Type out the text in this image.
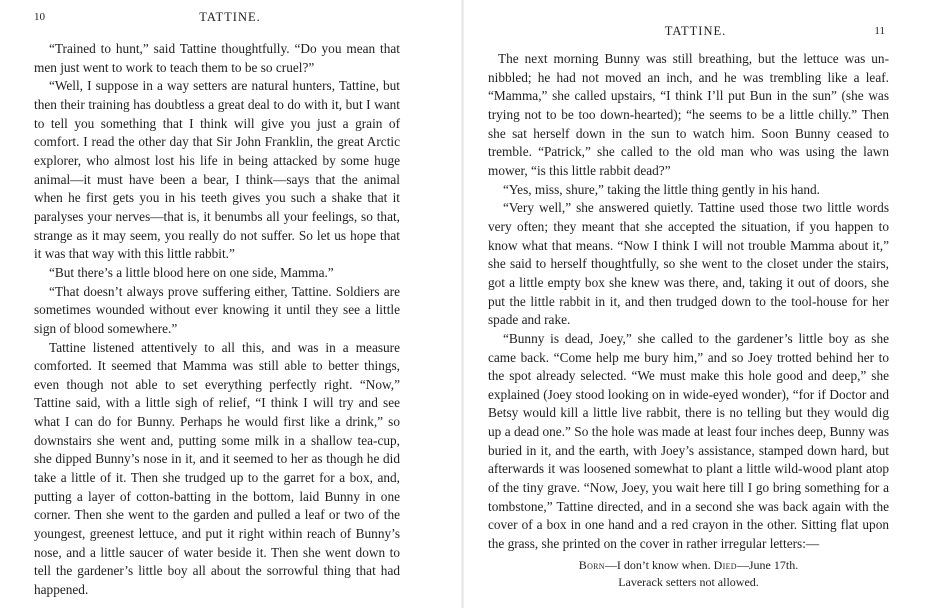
10	TATTINE.

“Trained to hunt,” said Tattine thoughtfully. “Do you mean that men just went to work to teach them to be so cruel?”

“Well, I suppose in a way setters are natural hunters, Tattine, but then their training has doubtless a great deal to do with it, but I want to tell you something that I think will give you just a grain of comfort. I read the other day that Sir John Franklin, the great Arctic explorer, who almost lost his life in being attacked by some huge animal—it must have been a bear, I think—says that the animal when he first gets you in his teeth gives you such a shake that it paralyses your nerves—that is, it benumbs all your feelings, so that, strange as it may seem, you really do not suffer. So let us hope that it was that way with this little rabbit.”

“But there’s a little blood here on one side, Mamma.”

“That doesn’t always prove suffering either, Tattine. Soldiers are sometimes wounded without ever knowing it until they see a little sign of blood somewhere.”

Tattine listened attentively to all this, and was in a measure comforted. It seemed that Mamma was still able to better things, even though not able to set everything perfectly right. “Now,” Tattine said, with a little sigh of relief, “I think I will try and see what I can do for Bunny. Perhaps he would first like a drink,” so downstairs she went and, putting some milk in a shallow tea-cup, she dipped Bunny’s nose in it, and it seemed to her as though he did take a little of it. Then she trudged up to the garret for a box, and, putting a layer of cotton-batting in the bottom, laid Bunny in one corner. Then she went to the garden and pulled a leaf or two of the youngest, greenest lettuce, and put it right within reach of Bunny’s nose, and a little saucer of water beside it. Then she went down to tell the gardener’s little boy all about the sorrowful thing that had happened.

TATTINE.	11

The next morning Bunny was still breathing, but the lettuce was un-nibbled; he had not moved an inch, and he was trembling like a leaf. “Mamma,” she called upstairs, “I think I’ll put Bun in the sun” (she was trying not to be too down-hearted); “he seems to be a little chilly.” Then she sat herself down in the sun to watch him. Soon Bunny ceased to tremble. “Patrick,” she called to the old man who was using the lawn mower, “is this little rabbit dead?”

“Yes, miss, shure,” taking the little thing gently in his hand.

“Very well,” she answered quietly. Tattine used those two little words very often; they meant that she accepted the situation, if you happen to know what that means. “Now I think I will not trouble Mamma about it,” she said to herself thoughtfully, so she went to the closet under the stairs, got a little empty box she knew was there, and, taking it out of doors, she put the little rabbit in it, and then trudged down to the tool-house for her spade and rake.

“Bunny is dead, Joey,” she called to the gardener’s little boy as she came back. “Come help me bury him,” and so Joey trotted behind her to the spot already selected. “We must make this hole good and deep,” she explained (Joey stood looking on in wide-eyed wonder), “for if Doctor and Betsy would kill a little live rabbit, there is no telling but they would dig up a dead one.” So the hole was made at least four inches deep, Bunny was buried in it, and the earth, with Joey’s assistance, stamped down hard, but afterwards it was loosened somewhat to plant a little wild-wood plant atop of the tiny grave. “Now, Joey, you wait here till I go bring something for a tombstone,” Tattine directed, and in a second she was back again with the cover of a box in one hand and a red crayon in the other. Sitting flat upon the grass, she printed on the cover in rather irregular letters:—

Born—I don’t know when. Died—June 17th.

Laverack setters not allowed.
